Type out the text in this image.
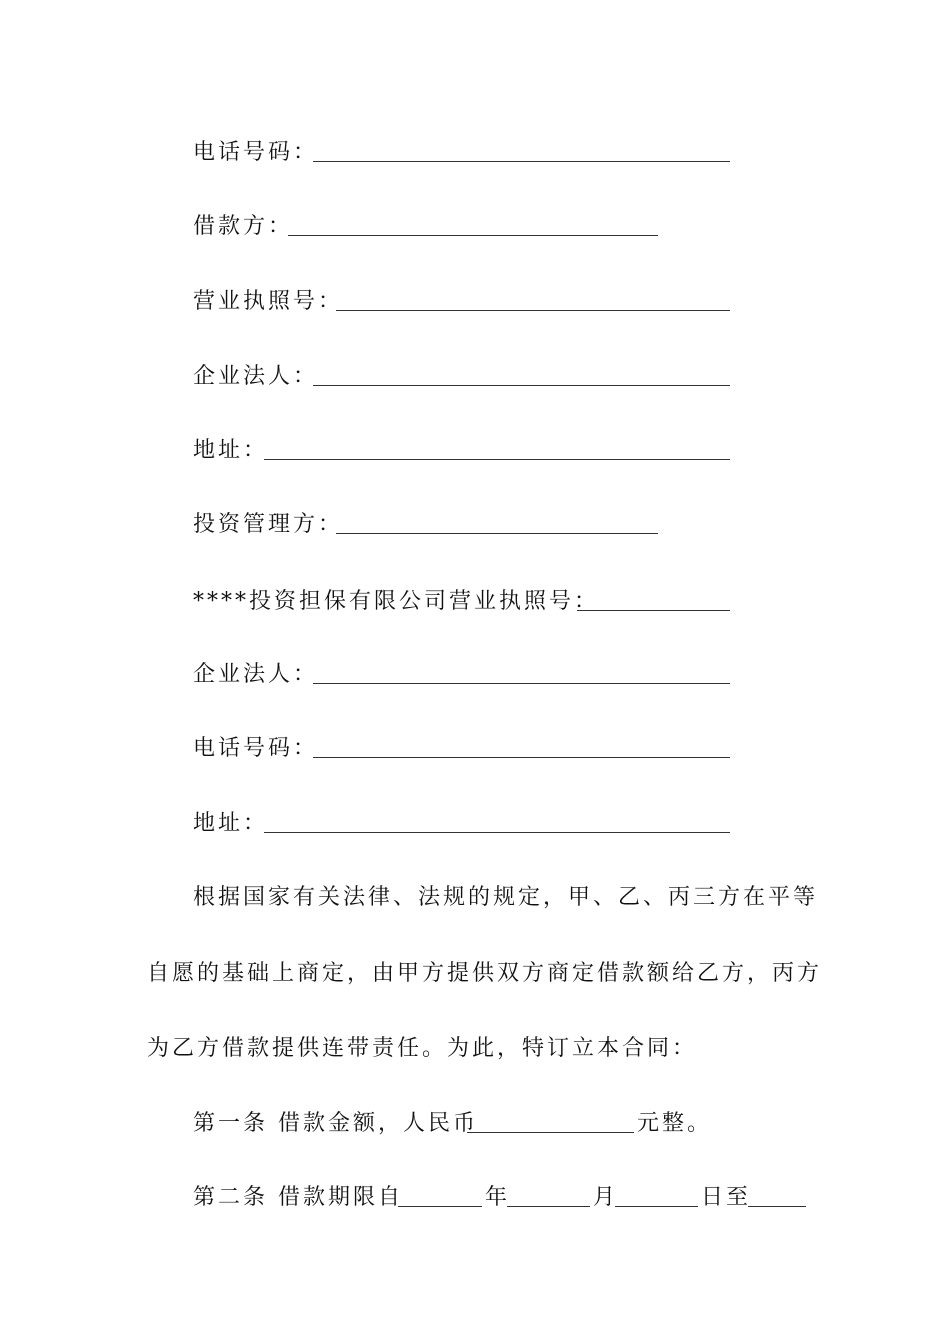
电话号码：
借款方：
营业执照号：
企业法人：
地址：
投资管理方：
****投资担保有限公司营业执照号：
企业法人：
电话号码：
地址：
根据国家有关法律、法规的规定，甲、乙、丙三方在平等
自愿的基础上商定，由甲方提供双方商定借款额给乙方，丙方
为乙方借款提供连带责任。为此，特订立本合同：
第一条 借款金额，人民币	元整。
第二条 借款期限自	年	月	日至
